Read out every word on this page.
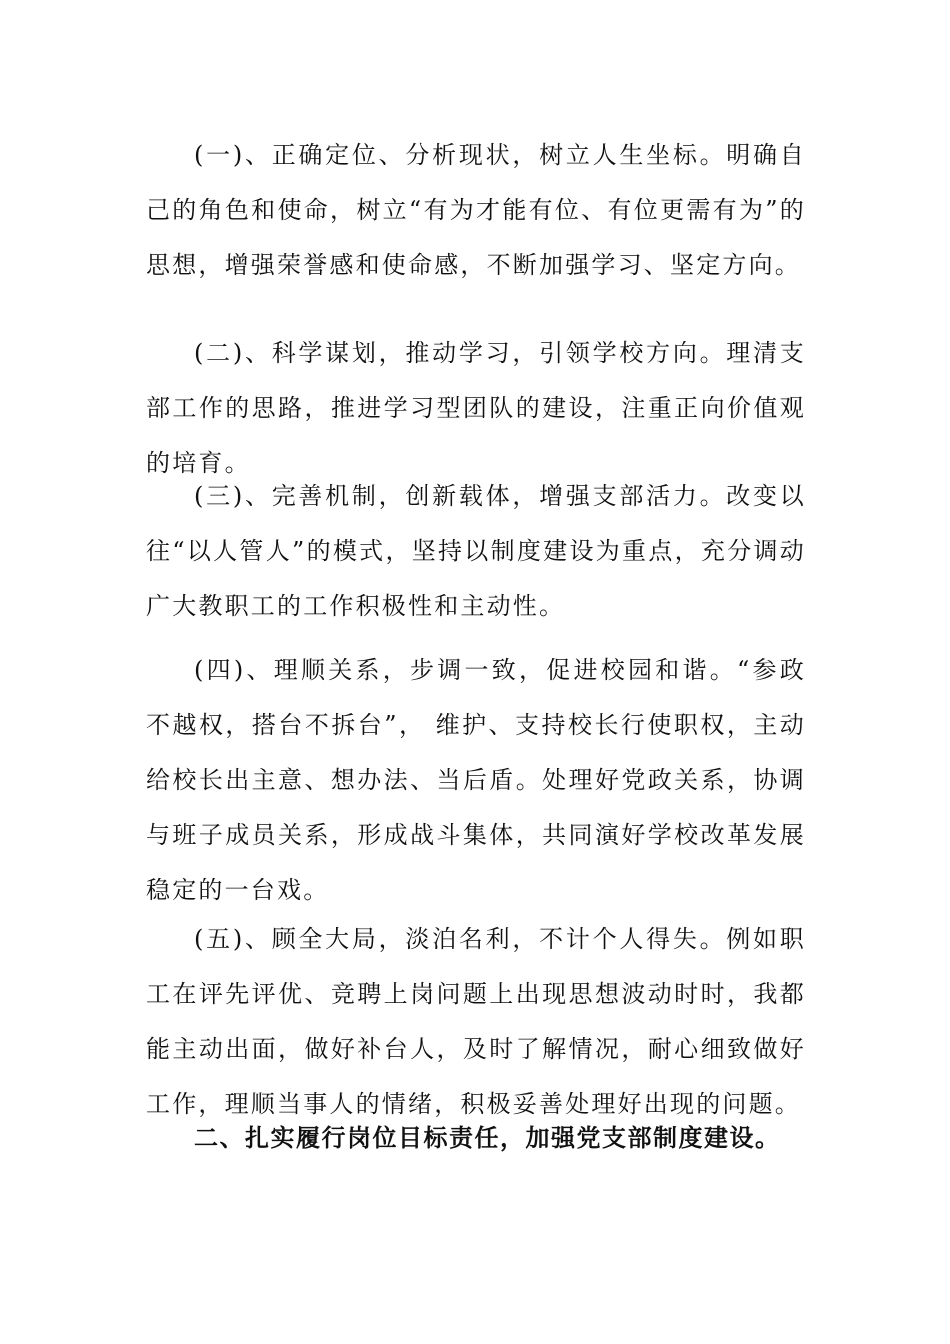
(一)、正确定位、分析现状，树立人生坐标。明确自己的角色和使命，树立“有为才能有位、有位更需有为”的思想，增强荣誉感和使命感，不断加强学习、坚定方向。

(二)、科学谋划，推动学习，引领学校方向。理清支部工作的思路，推进学习型团队的建设，注重正向价值观的培育。

(三)、完善机制，创新载体，增强支部活力。改变以往“以人管人”的模式，坚持以制度建设为重点，充分调动广大教职工的工作积极性和主动性。

(四)、理顺关系，步调一致，促进校园和谐。“参政不越权，搭台不拆台”， 维护、支持校长行使职权，主动给校长出主意、想办法、当后盾。处理好党政关系，协调与班子成员关系，形成战斗集体，共同演好学校改革发展稳定的一台戏。

(五)、顾全大局，淡泊名利，不计个人得失。例如职工在评先评优、竞聘上岗问题上出现思想波动时时，我都能主动出面，做好补台人，及时了解情况，耐心细致做好工作，理顺当事人的情绪，积极妥善处理好出现的问题。

二、扎实履行岗位目标责任，加强党支部制度建设。
